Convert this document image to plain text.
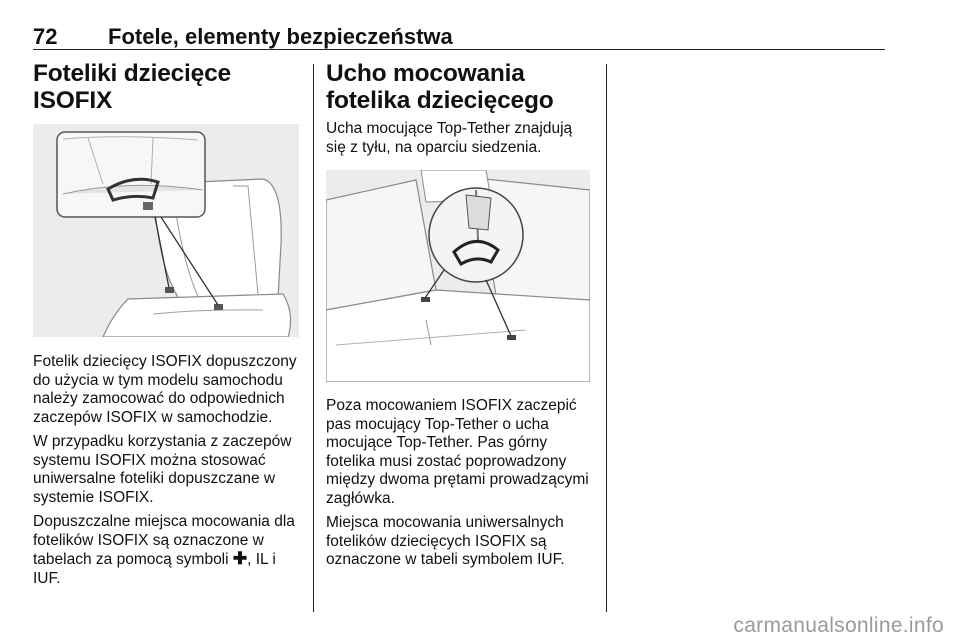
72 Fotele, elementy bezpieczeństwa
Foteliki dziecięce ISOFIX

Fotelik dziecięcy ISOFIX dopuszczony do użycia w tym modelu samochodu należy zamocować do odpowiednich zaczepów ISOFIX w samochodzie.

W przypadku korzystania z zaczepów systemu ISOFIX można stosować uniwersalne foteliki dopuszczane w systemie ISOFIX.

Dopuszczalne miejsca mocowania dla fotelików ISOFIX są oznaczone w tabelach za pomocą symboli ✚, IL i IUF.

Ucho mocowania fotelika dziecięcego

Ucha mocujące Top-Tether znajdują się z tyłu, na oparciu siedzenia.

Poza mocowaniem ISOFIX zaczepić pas mocujący Top-Tether o ucha mocujące Top-Tether. Pas górny fotelika musi zostać poprowadzony między dwoma prętami prowadzącymi zagłówka.

Miejsca mocowania uniwersalnych fotelików dziecięcych ISOFIX są oznaczone w tabeli symbolem IUF.

carmanualsonline.info
